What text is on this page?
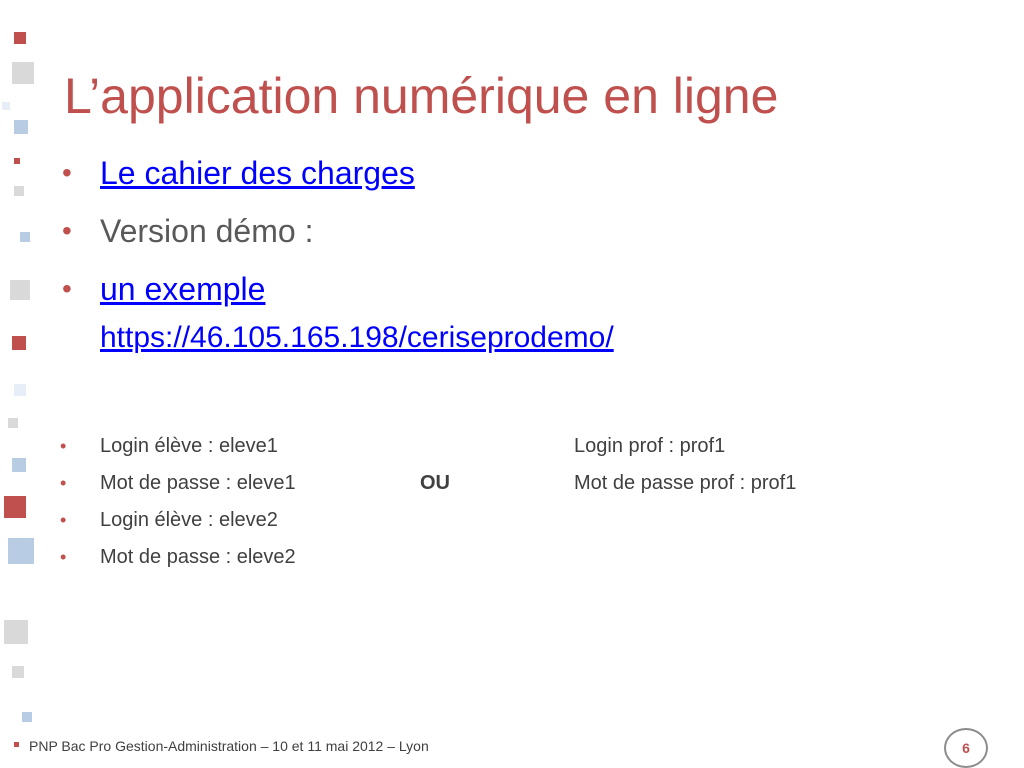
L’application numérique en ligne
• Le cahier des charges
• Version démo :
• un exemple
https://46.105.165.198/ceriseprodemo/
• Login élève : eleve1
• Mot de passe : eleve1
• Login élève : eleve2
• Mot de passe : eleve2
OU
Login prof : prof1
Mot de passe prof : prof1
PNP Bac Pro Gestion-Administration – 10 et 11 mai 2012 – Lyon	6
